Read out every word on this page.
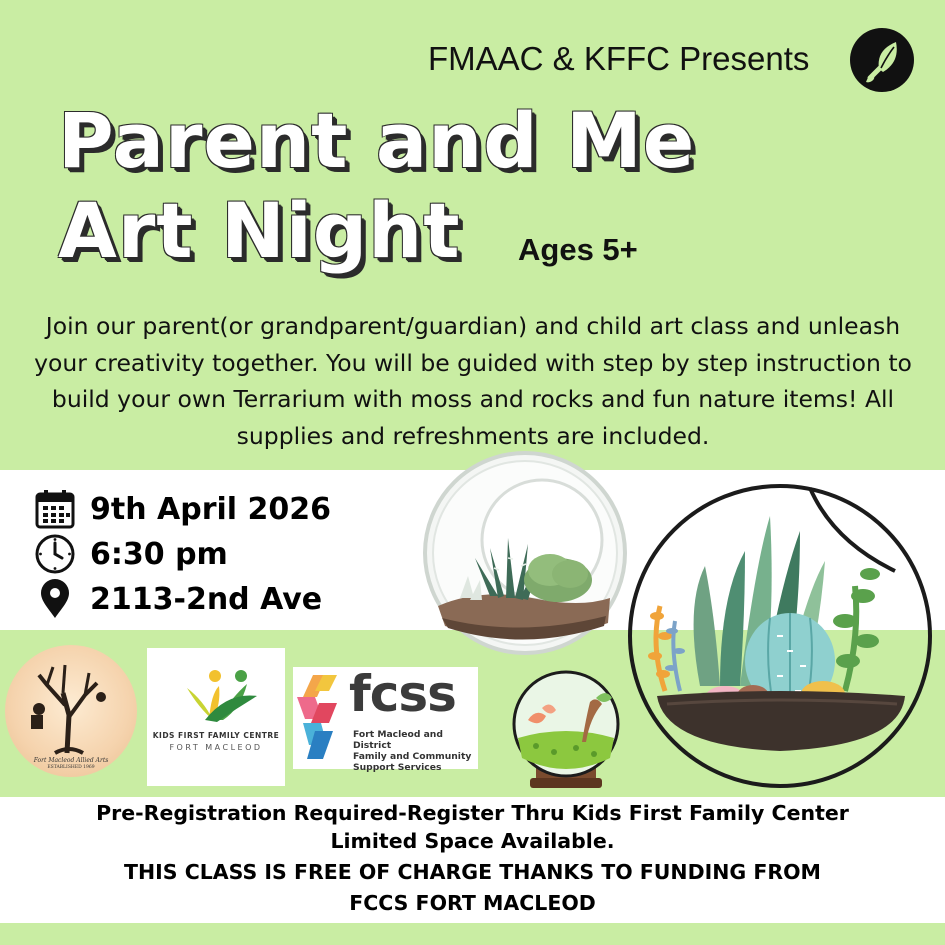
FMAAC & KFFC Presents
Parent and Me
Art Night Ages 5+
Join our parent(or grandparent/guardian) and child art class and unleash your creativity together. You will be guided with step by step instruction to build your own Terrarium with moss and rocks and fun nature items! All supplies and refreshments are included.
9th April 2026
6:30 pm
2113-2nd Ave
Fort Macleod Allied Arts
ESTABLISHED 1969
KIDS FIRST FAMILY CENTRE
FORT MACLEOD
fcss
Fort Macleod and District
Family and Community
Support Services
Pre-Registration Required-Register Thru Kids First Family Center
Limited Space Available.
THIS CLASS IS FREE OF CHARGE THANKS TO FUNDING FROM
FCCS FORT MACLEOD
